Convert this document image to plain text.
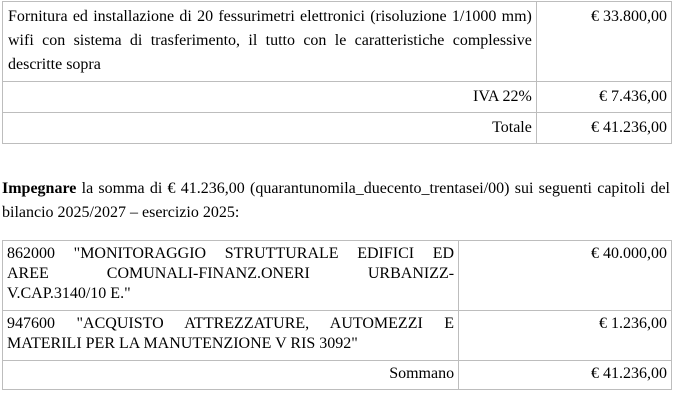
Fornitura ed installazione di 20 fessurimetri elettronici (risoluzione 1/1000 mm) wifi con sistema di trasferimento, il tutto con le caratteristiche complessive descritte sopra	€ 33.800,00
IVA 22%	€ 7.436,00
Totale	€ 41.236,00
Impegnare la somma di € 41.236,00 (quarantunomila_duecento_trentasei/00) sui seguenti capitoli del bilancio 2025/2027 – esercizio 2025:
862000 "MONITORAGGIO STRUTTURALE EDIFICI ED
AREE COMUNALI-FINANZ.ONERI URBANIZZ-
V.CAP.3140/10 E."	€ 40.000,00

947600 "ACQUISTO ATTREZZATURE, AUTOMEZZI E
MATERILI PER LA MANUTENZIONE V RIS 3092"	€ 1.236,00
Sommano	€ 41.236,00
